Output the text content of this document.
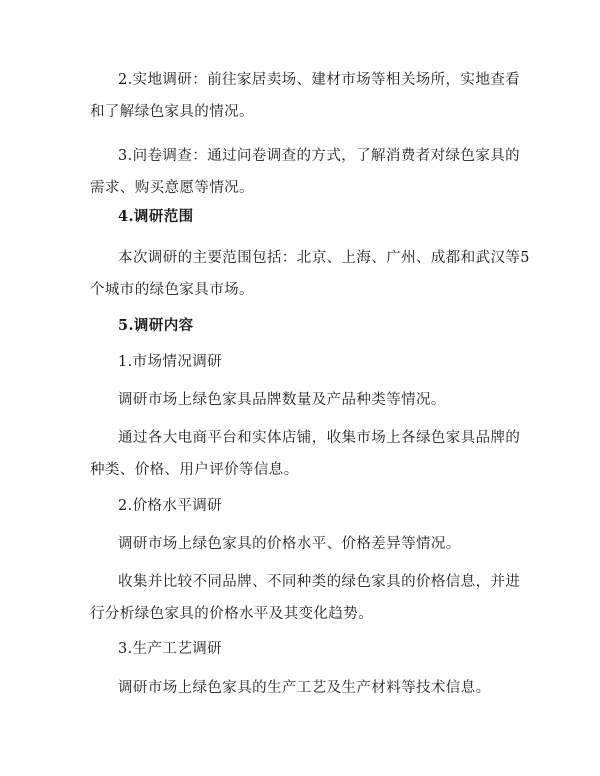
2.实地调研：前往家居卖场、建材市场等相关场所，实地查看和了解绿色家具的情况。

3.问卷调查：通过问卷调查的方式，了解消费者对绿色家具的需求、购买意愿等情况。

4.调研范围

本次调研的主要范围包括：北京、上海、广州、成都和武汉等5个城市的绿色家具市场。

5.调研内容

1.市场情况调研

调研市场上绿色家具品牌数量及产品种类等情况。

通过各大电商平台和实体店铺，收集市场上各绿色家具品牌的种类、价格、用户评价等信息。

2.价格水平调研

调研市场上绿色家具的价格水平、价格差异等情况。

收集并比较不同品牌、不同种类的绿色家具的价格信息，并进行分析绿色家具的价格水平及其变化趋势。

3.生产工艺调研

调研市场上绿色家具的生产工艺及生产材料等技术信息。
